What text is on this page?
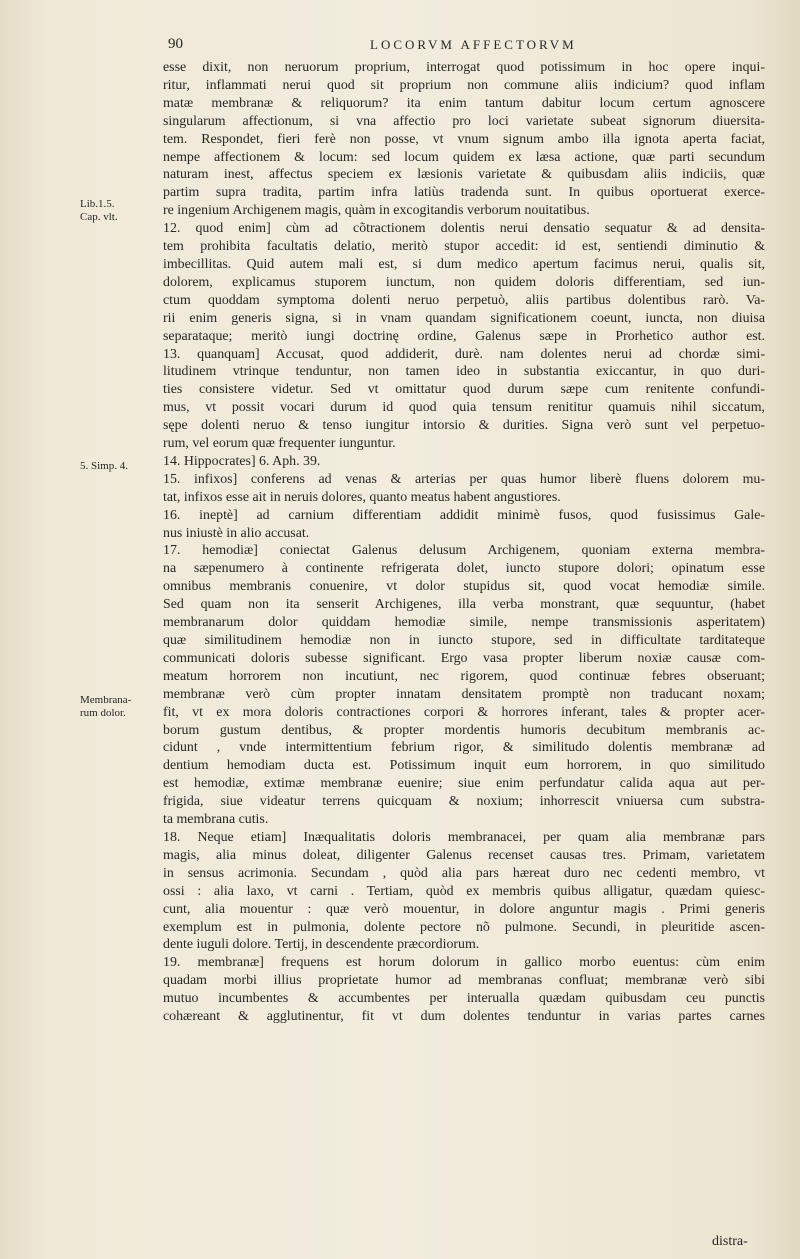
90	LOCORVM AFFECTORVM
Lib.1.5.
Cap. vlt.
5. Simp. 4.
Membrana-
rum dolor.
esse dixit, non neruorum proprium, interrogat quod potissimum in hoc opere inqui-
ritur, inflammati nerui quod sit proprium non commune aliis indicium? quod inflam
matæ membranæ & reliquorum? ita enim tantum dabitur locum certum agnoscere
singularum affectionum, si vna affectio pro loci varietate subeat signorum diuersita-
tem. Respondet, fieri ferè non posse, vt vnum signum ambo illa ignota aperta faciat,
nempe affectionem & locum: sed locum quidem ex læsa actione, quæ parti secundum
naturam inest, affectus speciem ex læsionis varietate & quibusdam aliis indiciis, quæ
partim supra tradita, partim infra latiùs tradenda sunt. In quibus oportuerat exerce-
re ingenium Archigenem magis, quàm in excogitandis verborum nouitatibus.
12. quod enim] cùm ad cõtractionem dolentis nerui densatio sequatur & ad densita-
tem prohibita facultatis delatio, meritò stupor accedit: id est, sentiendi diminutio &
imbecillitas. Quid autem mali est, si dum medico apertum facimus nerui, qualis sit,
dolorem, explicamus stuporem iunctum, non quidem doloris differentiam, sed iun-
ctum quoddam symptoma dolenti neruo perpetuò, aliis partibus dolentibus rarò. Va-
rii enim generis signa, si in vnam quandam significationem coeunt, iuncta, non diuisa
separataque; meritò iungi doctrinę ordine, Galenus sæpe in Prorhetico author est.
13. quanquam] Accusat, quod addiderit, durè. nam dolentes nerui ad chordæ simi-
litudinem vtrinque tenduntur, non tamen ideo in substantia exiccantur, in quo duri-
ties consistere videtur. Sed vt omittatur quod durum sæpe cum renitente confundi-
mus, vt possit vocari durum id quod quia tensum renititur quamuis nihil siccatum,
sępe dolenti neruo & tenso iungitur intorsio & durities. Signa verò sunt vel perpetuo-
rum, vel eorum quæ frequenter iunguntur.
14. Hippocrates] 6. Aph. 39.
15. infixos] conferens ad venas & arterias per quas humor liberè fluens dolorem mu-
tat, infixos esse ait in neruis dolores, quanto meatus habent angustiores.
16. ineptè] ad carnium differentiam addidit minimè fusos, quod fusissimus Gale-
nus iniustè in alio accusat.
17. hemodiæ] coniectat Galenus delusum Archigenem, quoniam externa membra-
na sæpenumero à continente refrigerata dolet, iuncto stupore dolori; opinatum esse
omnibus membranis conuenire, vt dolor stupidus sit, quod vocat hemodiæ simile.
Sed quam non ita senserit Archigenes, illa verba monstrant, quæ sequuntur, (habet
membranarum dolor quiddam hemodiæ simile, nempe transmissionis asperitatem)
quæ similitudinem hemodiæ non in iuncto stupore, sed in difficultate tarditateque
communicati doloris subesse significant. Ergo vasa propter liberum noxiæ causæ com-
meatum horrorem non incutiunt, nec rigorem, quod continuæ febres obseruant;
membranæ verò cùm propter innatam densitatem promptè non traducant noxam;
fit, vt ex mora doloris contractiones corpori & horrores inferant, tales & propter acer-
borum gustum dentibus, & propter mordentis humoris decubitum membranis ac-
cidunt , vnde intermittentium febrium rigor, & similitudo dolentis membranæ ad
dentium hemodiam ducta est. Potissimum inquit eum horrorem, in quo similitudo
est hemodiæ, extimæ membranæ euenire; siue enim perfundatur calida aqua aut per-
frigida, siue videatur terrens quicquam & noxium; inhorrescit vniuersa cum substra-
ta membrana cutis.
18. Neque etiam] Inæqualitatis doloris membranacei, per quam alia membranæ pars
magis, alia minus doleat, diligenter Galenus recenset causas tres. Primam, varietatem
in sensus acrimonia. Secundam , quòd alia pars hæreat duro nec cedenti membro, vt
ossi : alia laxo, vt carni . Tertiam, quòd ex membris quibus alligatur, quædam quiesc-
cunt, alia mouentur : quæ verò mouentur, in dolore anguntur magis . Primi generis
exemplum est in pulmonia, dolente pectore nõ pulmone. Secundi, in pleuritide ascen-
dente iuguli dolore. Tertij, in descendente præcordiorum.
19. membranæ] frequens est horum dolorum in gallico morbo euentus: cùm enim
quadam morbi illius proprietate humor ad membranas confluat; membranæ verò sibi
mutuo incumbentes & accumbentes per interualla quædam quibusdam ceu punctis
cohæreant & agglutinentur, fit vt dum dolentes tenduntur in varias partes carnes
distra-
